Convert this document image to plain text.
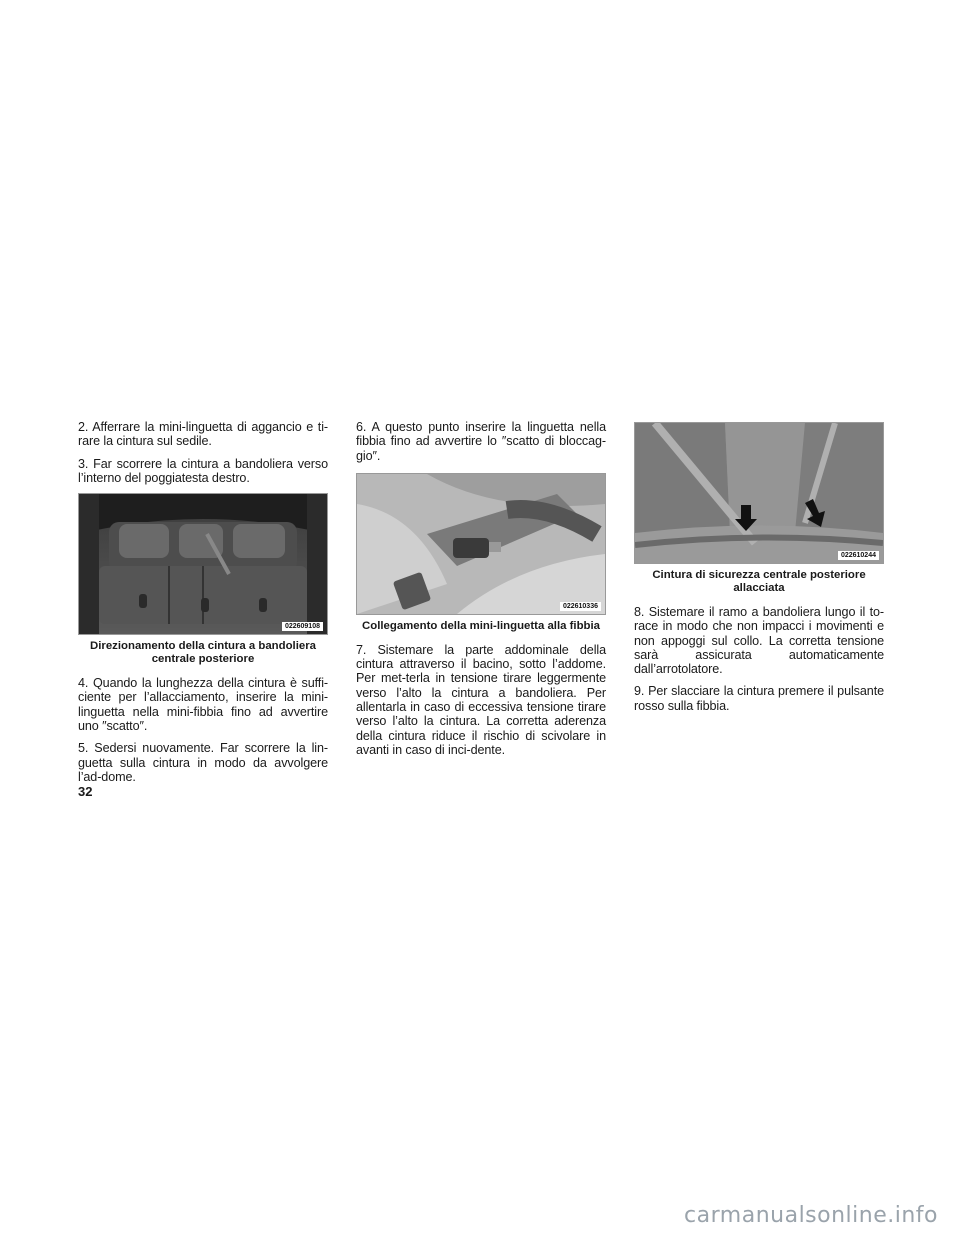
2. Afferrare la mini-linguetta di aggancio e ti-rare la cintura sul sedile.

3. Far scorrere la cintura a bandoliera verso l’interno del poggiatesta destro.

022609108
Direzionamento della cintura a bandoliera
centrale posteriore

4. Quando la lunghezza della cintura è suffi-ciente per l’allacciamento, inserire la mini-linguetta nella mini-fibbia fino ad avvertire uno ″scatto″.

5. Sedersi nuovamente. Far scorrere la lin-guetta sulla cintura in modo da avvolgere l’ad-dome.

6. A questo punto inserire la linguetta nella fibbia fino ad avvertire lo ″scatto di bloccag-gio″.

022610336
Collegamento della mini-linguetta alla fibbia

7. Sistemare la parte addominale della cintura attraverso il bacino, sotto l’addome. Per met-terla in tensione tirare leggermente verso l’alto la cintura a bandoliera. Per allentarla in caso di eccessiva tensione tirare verso l’alto la cintura. La corretta aderenza della cintura riduce il rischio di scivolare in avanti in caso di inci-dente.

022610244
Cintura di sicurezza centrale posteriore
allacciata

8. Sistemare il ramo a bandoliera lungo il to-race in modo che non impacci i movimenti e non appoggi sul collo. La corretta tensione sarà assicurata automaticamente dall’arrotolatore.

9. Per slacciare la cintura premere il pulsante rosso sulla fibbia.

32
carmanualsonline.info
